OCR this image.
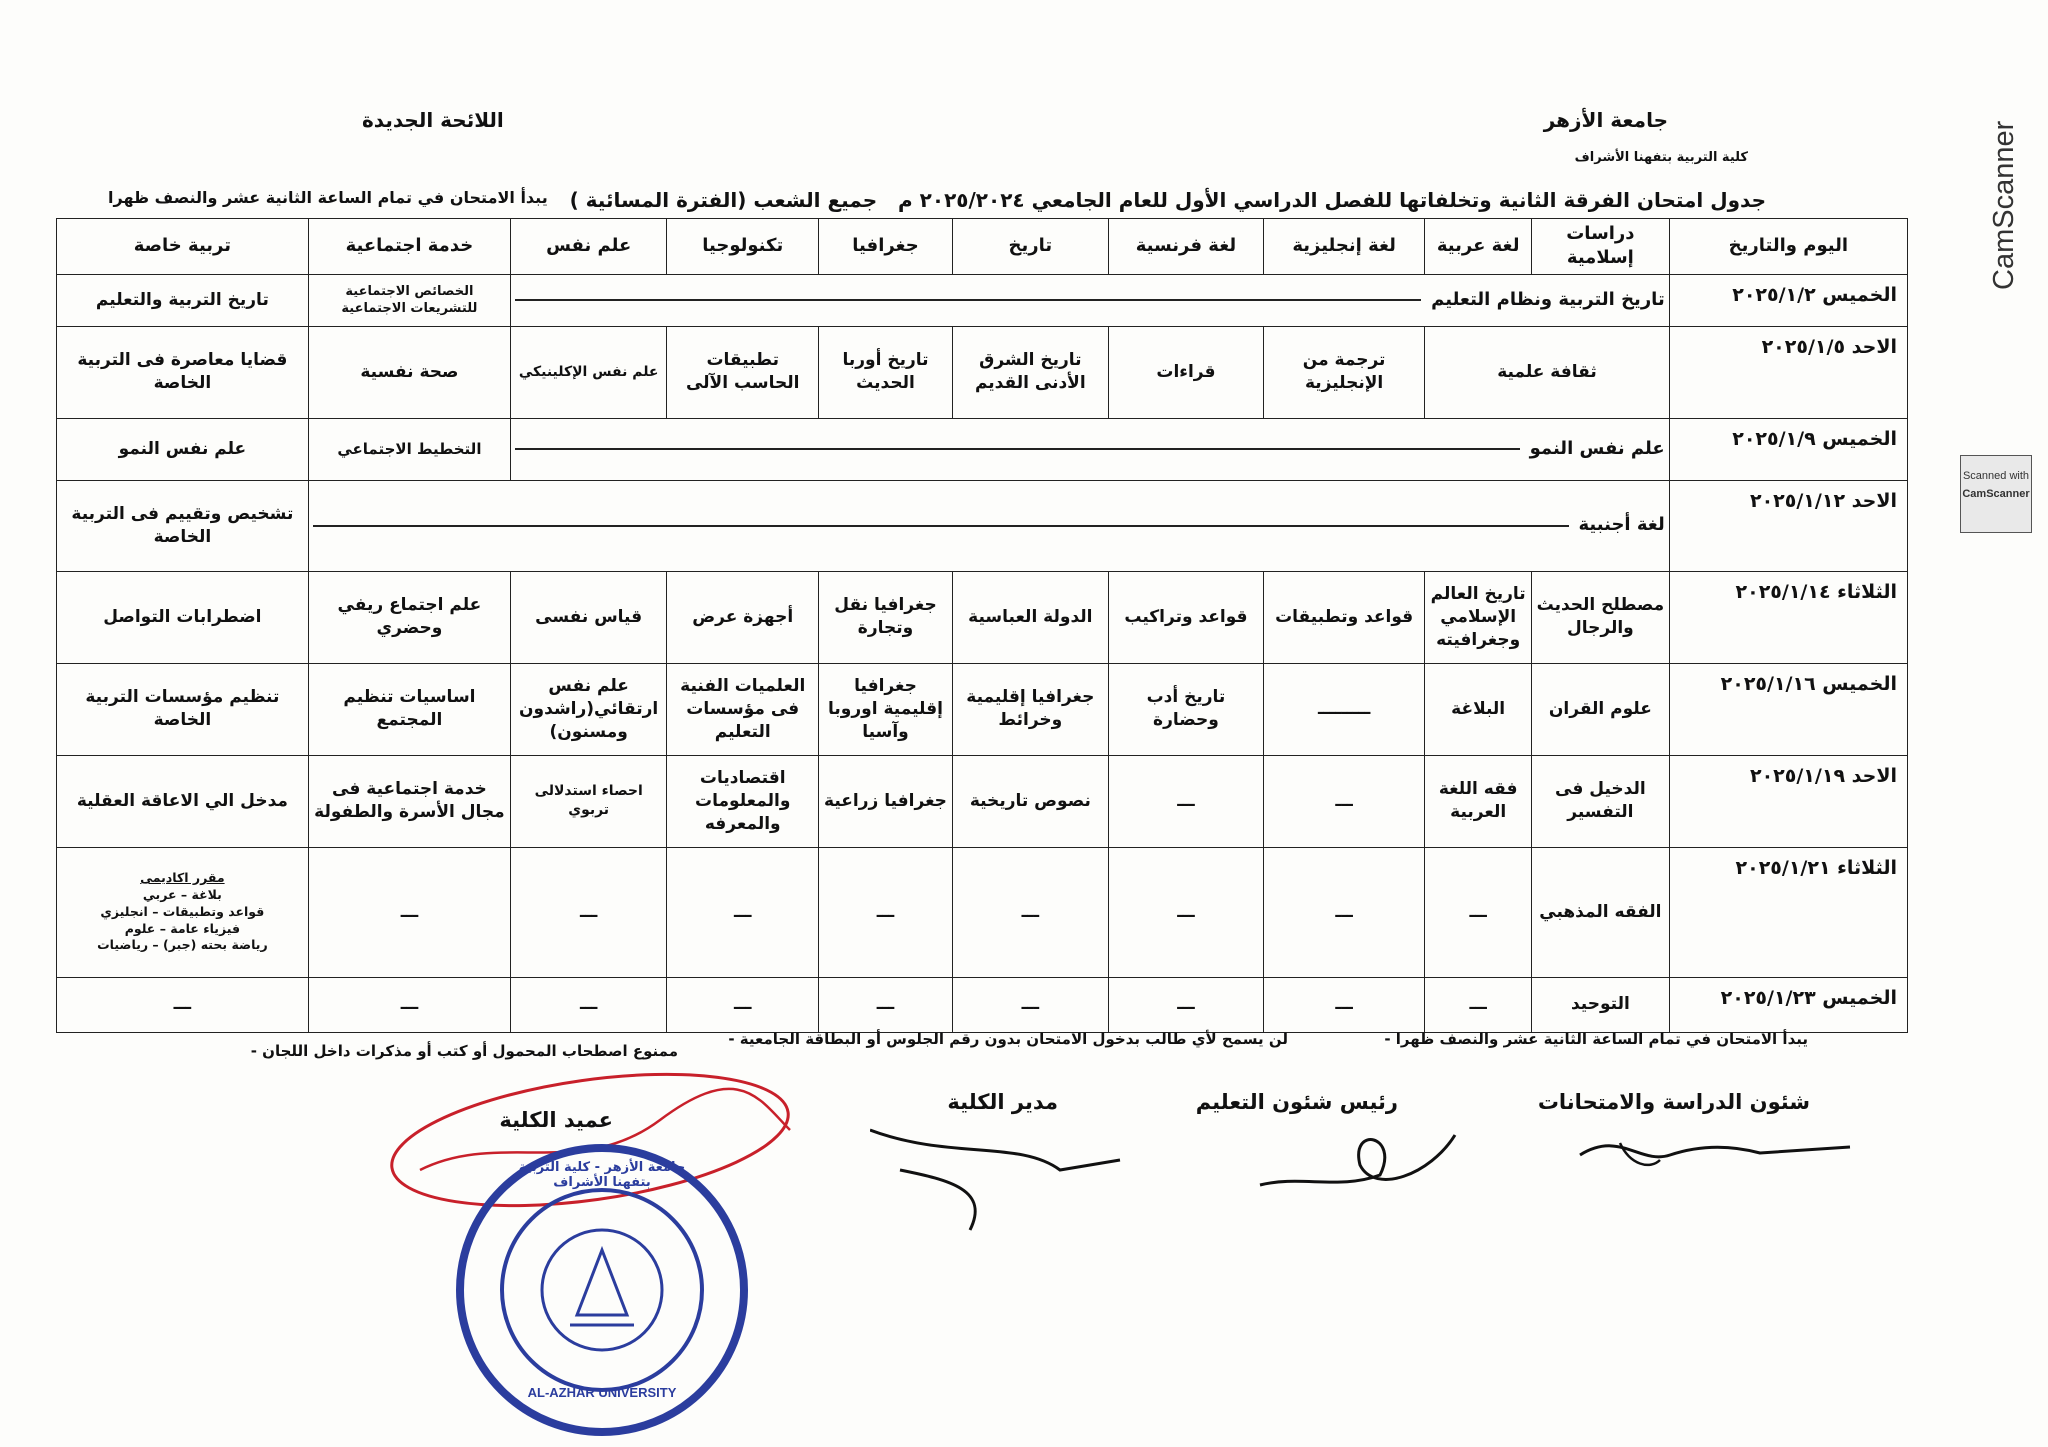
جامعة الأزهر
كلية التربية بتفهنا الأشراف
اللائحة الجديدة
جدول امتحان الفرقة الثانية وتخلفاتها للفصل الدراسي الأول للعام الجامعي ٢٠٢٥/٢٠٢٤ م   جميع الشعب (الفترة المسائية )
يبدأ الامتحان في تمام الساعة الثانية عشر والنصف ظهرا
اليوم والتاريخ	دراسات إسلامية	لغة عربية	لغة إنجليزية	لغة فرنسية	تاريخ	جغرافيا	تكنولوجيا	علم نفس	خدمة اجتماعية	تربية خاصة
الخميس ٢٠٢٥/١/٢	تاريخ التربية ونظام التعليم								الخصائص الاجتماعية للتشريعات الاجتماعية	تاريخ التربية والتعليم
الاحد ٢٠٢٥/١/٥	ثقافة علمية		ترجمة من الإنجليزية	قراءات	تاريخ الشرق الأدنى القديم	تاريخ أوربا الحديث	تطبيقات الحاسب الآلى	علم نفس الإكلينيكي	صحة نفسية	قضايا معاصرة فى التربية الخاصة
الخميس ٢٠٢٥/١/٩	علم نفس النمو								التخطيط الاجتماعي	علم نفس النمو
الاحد ٢٠٢٥/١/١٢	لغة أجنبية									تشخيص وتقييم فى التربية الخاصة
الثلاثاء ٢٠٢٥/١/١٤	مصطلح الحديث والرجال	تاريخ العالم الإسلامي وجغرافيته	قواعد وتطبيقات	قواعد وتراكيب	الدولة العباسية	جغرافيا نقل وتجارة	أجهزة عرض	قياس نفسى	علم اجتماع ريفي وحضري	اضطرابات التواصل
الخميس ٢٠٢٥/١/١٦	علوم القران	البلاغة	ـــــــــ	تاريخ أدب وحضارة	جغرافيا إقليمية وخرائط	جغرافيا إقليمية اوروبا وآسيا	العلميات الفنية فى مؤسسات التعليم	علم نفس ارتقائي(راشدون ومسنون)	اساسيات تنظيم المجتمع	تنظيم مؤسسات التربية الخاصة
الاحد ٢٠٢٥/١/١٩	الدخيل فى التفسير	فقه اللغة العربية	ـــ	ـــ	نصوص تاريخية	جغرافيا زراعية	اقتصاديات والمعلومات والمعرفه	احصاء استدلالى تربوي	خدمة اجتماعية فى مجال الأسرة والطفولة	مدخل الي الاعاقة العقلية
الثلاثاء ٢٠٢٥/١/٢١	الفقه المذهبي	ـــ	ـــ	ـــ	ـــ	ـــ	ـــ	ـــ	ـــ	مقرر اكاديمى
بلاغة – عربي
قواعد وتطبيقات – انجليزي
فيزياء عامة – علوم
رياضة بحته (جبر) – رياضيات

الخميس ٢٠٢٥/١/٢٣	التوحيد	ـــ	ـــ	ـــ	ـــ	ـــ	ـــ	ـــ	ـــ	ـــ
- يبدأ الامتحان في تمام الساعة الثانية عشر والنصف ظهرا
- لن يسمح لأي طالب بدخول الامتحان بدون رقم الجلوس أو البطاقة الجامعية
- ممنوع اصطحاب المحمول أو كتب أو مذكرات داخل اللجان
شئون الدراسة والامتحانات
رئيس شئون التعليم
مدير الكلية
عميد الكلية
جامعة الأزهر - كلية التربية بتفهنا الأشراف
AL-AZHAR UNIVERSITY
CamScanner
Scanned with
CamScanner
